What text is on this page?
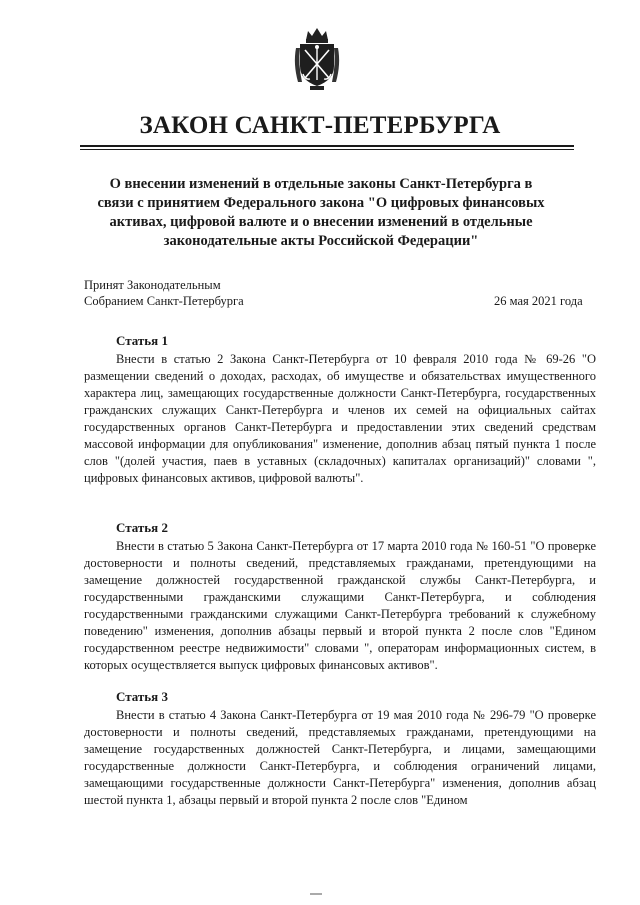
ЗАКОН САНКТ-ПЕТЕРБУРГА
О внесении изменений в отдельные законы Санкт-Петербурга в связи с принятием Федерального закона "О цифровых финансовых активах, цифровой валюте и о внесении изменений в отдельные законодательные акты Российской Федерации"
Принят Законодательным
Собранием Санкт-Петербурга	26 мая 2021 года
Статья 1

Внести в статью 2 Закона Санкт-Петербурга от 10 февраля 2010 года № 69-26 "О размещении сведений о доходах, расходах, об имуществе и обязательствах имущественного характера лиц, замещающих государственные должности Санкт-Петербурга, государственных гражданских служащих Санкт-Петербурга и членов их семей на официальных сайтах государственных органов Санкт-Петербурга и предоставлении этих сведений средствам массовой информации для опубликования" изменение, дополнив абзац пятый пункта 1 после слов "(долей участия, паев в уставных (складочных) капиталах организаций)" словами ", цифровых финансовых активов, цифровой валюты".

Статья 2

Внести в статью 5 Закона Санкт-Петербурга от 17 марта 2010 года № 160-51 "О проверке достоверности и полноты сведений, представляемых гражданами, претендующими на замещение должностей государственной гражданской службы Санкт-Петербурга, и государственными гражданскими служащими Санкт-Петербурга, и соблюдения государственными гражданскими служащими Санкт-Петербурга требований к служебному поведению" изменения, дополнив абзацы первый и второй пункта 2 после слов "Едином государственном реестре недвижимости" словами ", операторам информационных систем, в которых осуществляется выпуск цифровых финансовых активов".

Статья 3

Внести в статью 4 Закона Санкт-Петербурга от 19 мая 2010 года № 296-79 "О проверке достоверности и полноты сведений, представляемых гражданами, претендующими на замещение государственных должностей Санкт-Петербурга, и лицами, замещающими государственные должности Санкт-Петербурга, и соблюдения ограничений лицами, замещающими государственные должности Санкт-Петербурга" изменения, дополнив абзац шестой пункта 1, абзацы первый и второй пункта 2 после слов "Едином
